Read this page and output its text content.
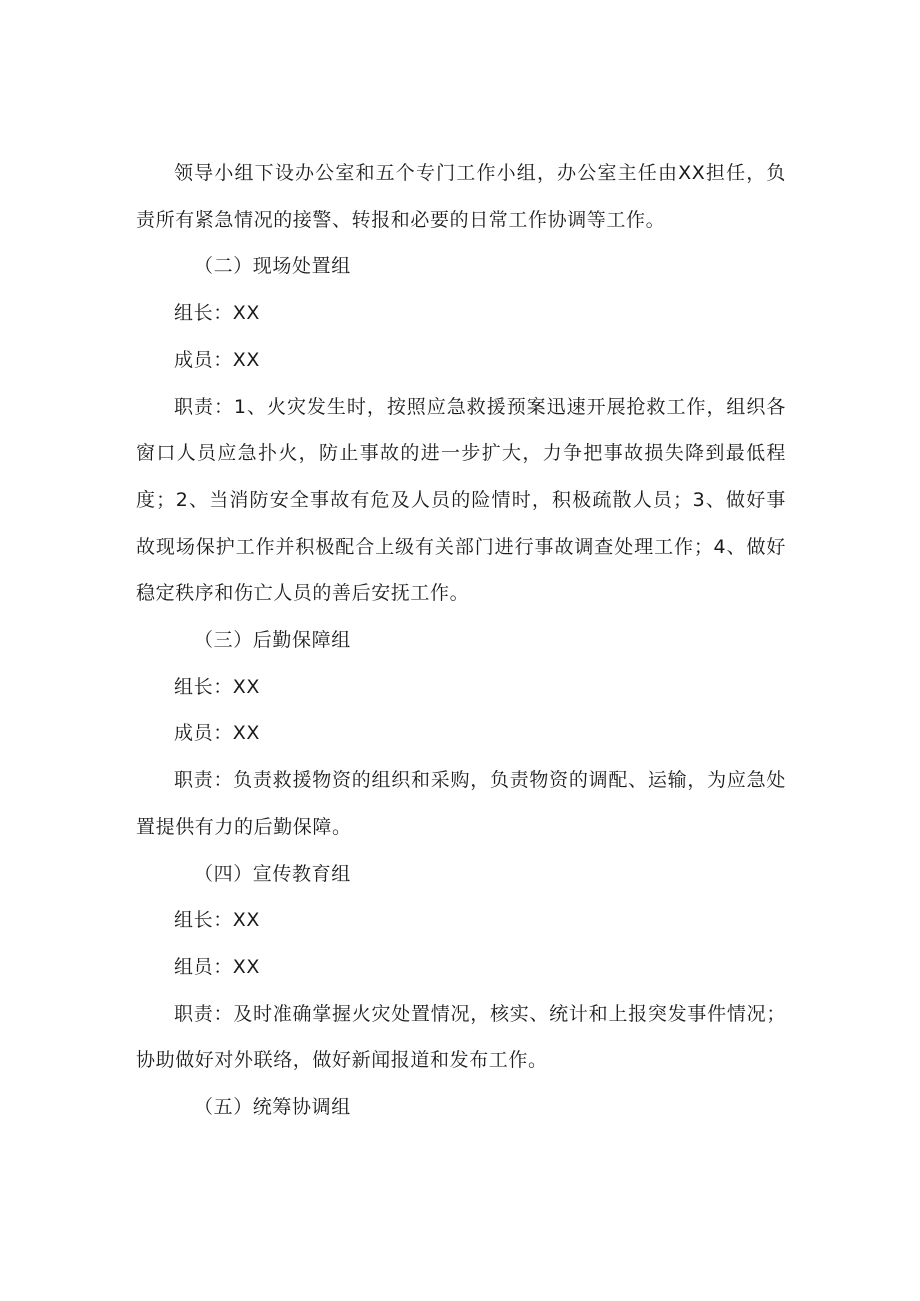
领导小组下设办公室和五个专门工作小组，办公室主任由XX担任，负责所有紧急情况的接警、转报和必要的日常工作协调等工作。

（二）现场处置组

组长：XX

成员：XX

职责：1、火灾发生时，按照应急救援预案迅速开展抢救工作，组织各窗口人员应急扑火，防止事故的进一步扩大，力争把事故损失降到最低程度；2、当消防安全事故有危及人员的险情时，积极疏散人员；3、做好事故现场保护工作并积极配合上级有关部门进行事故调查处理工作；4、做好稳定秩序和伤亡人员的善后安抚工作。

（三）后勤保障组

组长：XX

成员：XX

职责：负责救援物资的组织和采购，负责物资的调配、运输，为应急处置提供有力的后勤保障。

（四）宣传教育组

组长：XX

组员：XX

职责：及时准确掌握火灾处置情况，核实、统计和上报突发事件情况；协助做好对外联络，做好新闻报道和发布工作。

（五）统筹协调组
